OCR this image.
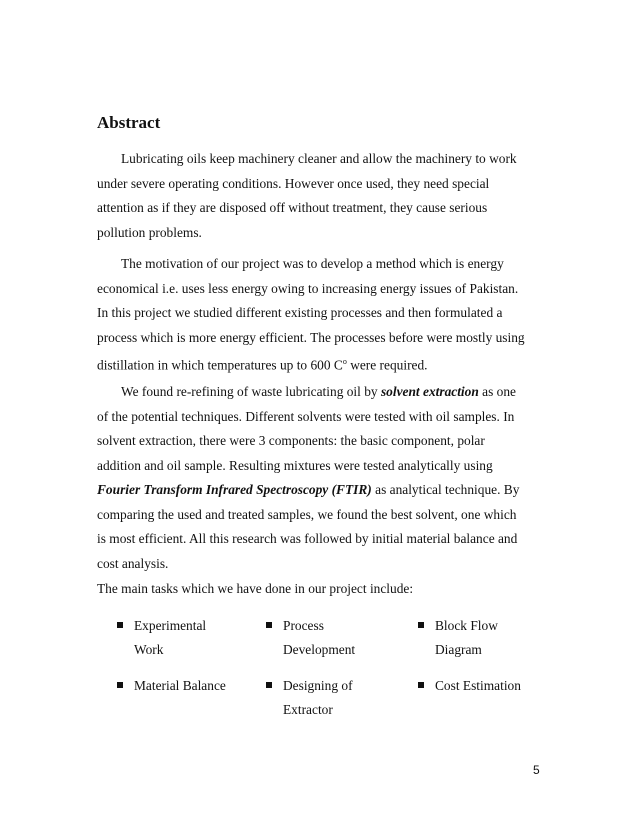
Abstract

Lubricating oils keep machinery cleaner and allow the machinery to work
under severe operating conditions. However once used, they need special
attention as if they are disposed off without treatment, they cause serious
pollution problems.

The motivation of our project was to develop a method which is energy
economical i.e. uses less energy owing to increasing energy issues of Pakistan.
In this project we studied different existing processes and then formulated a
process which is more energy efficient. The processes before were mostly using
distillation in which temperatures up to 600 $C^o$ were required.

We found re-refining of waste lubricating oil by solvent extraction as one
of the potential techniques. Different solvents were tested with oil samples. In
solvent extraction, there were 3 components: the basic component, polar
addition and oil sample. Resulting mixtures were tested analytically using
Fourier Transform Infrared Spectroscopy (FTIR) as analytical technique. By
comparing the used and treated samples, we found the best solvent, one which
is most efficient. All this research was followed by initial material balance and
cost analysis.

The main tasks which we have done in our project include:

Experimental
Work
Process
Development
Block Flow
Diagram
Material Balance	Designing of
Extractor
Cost Estimation
5
